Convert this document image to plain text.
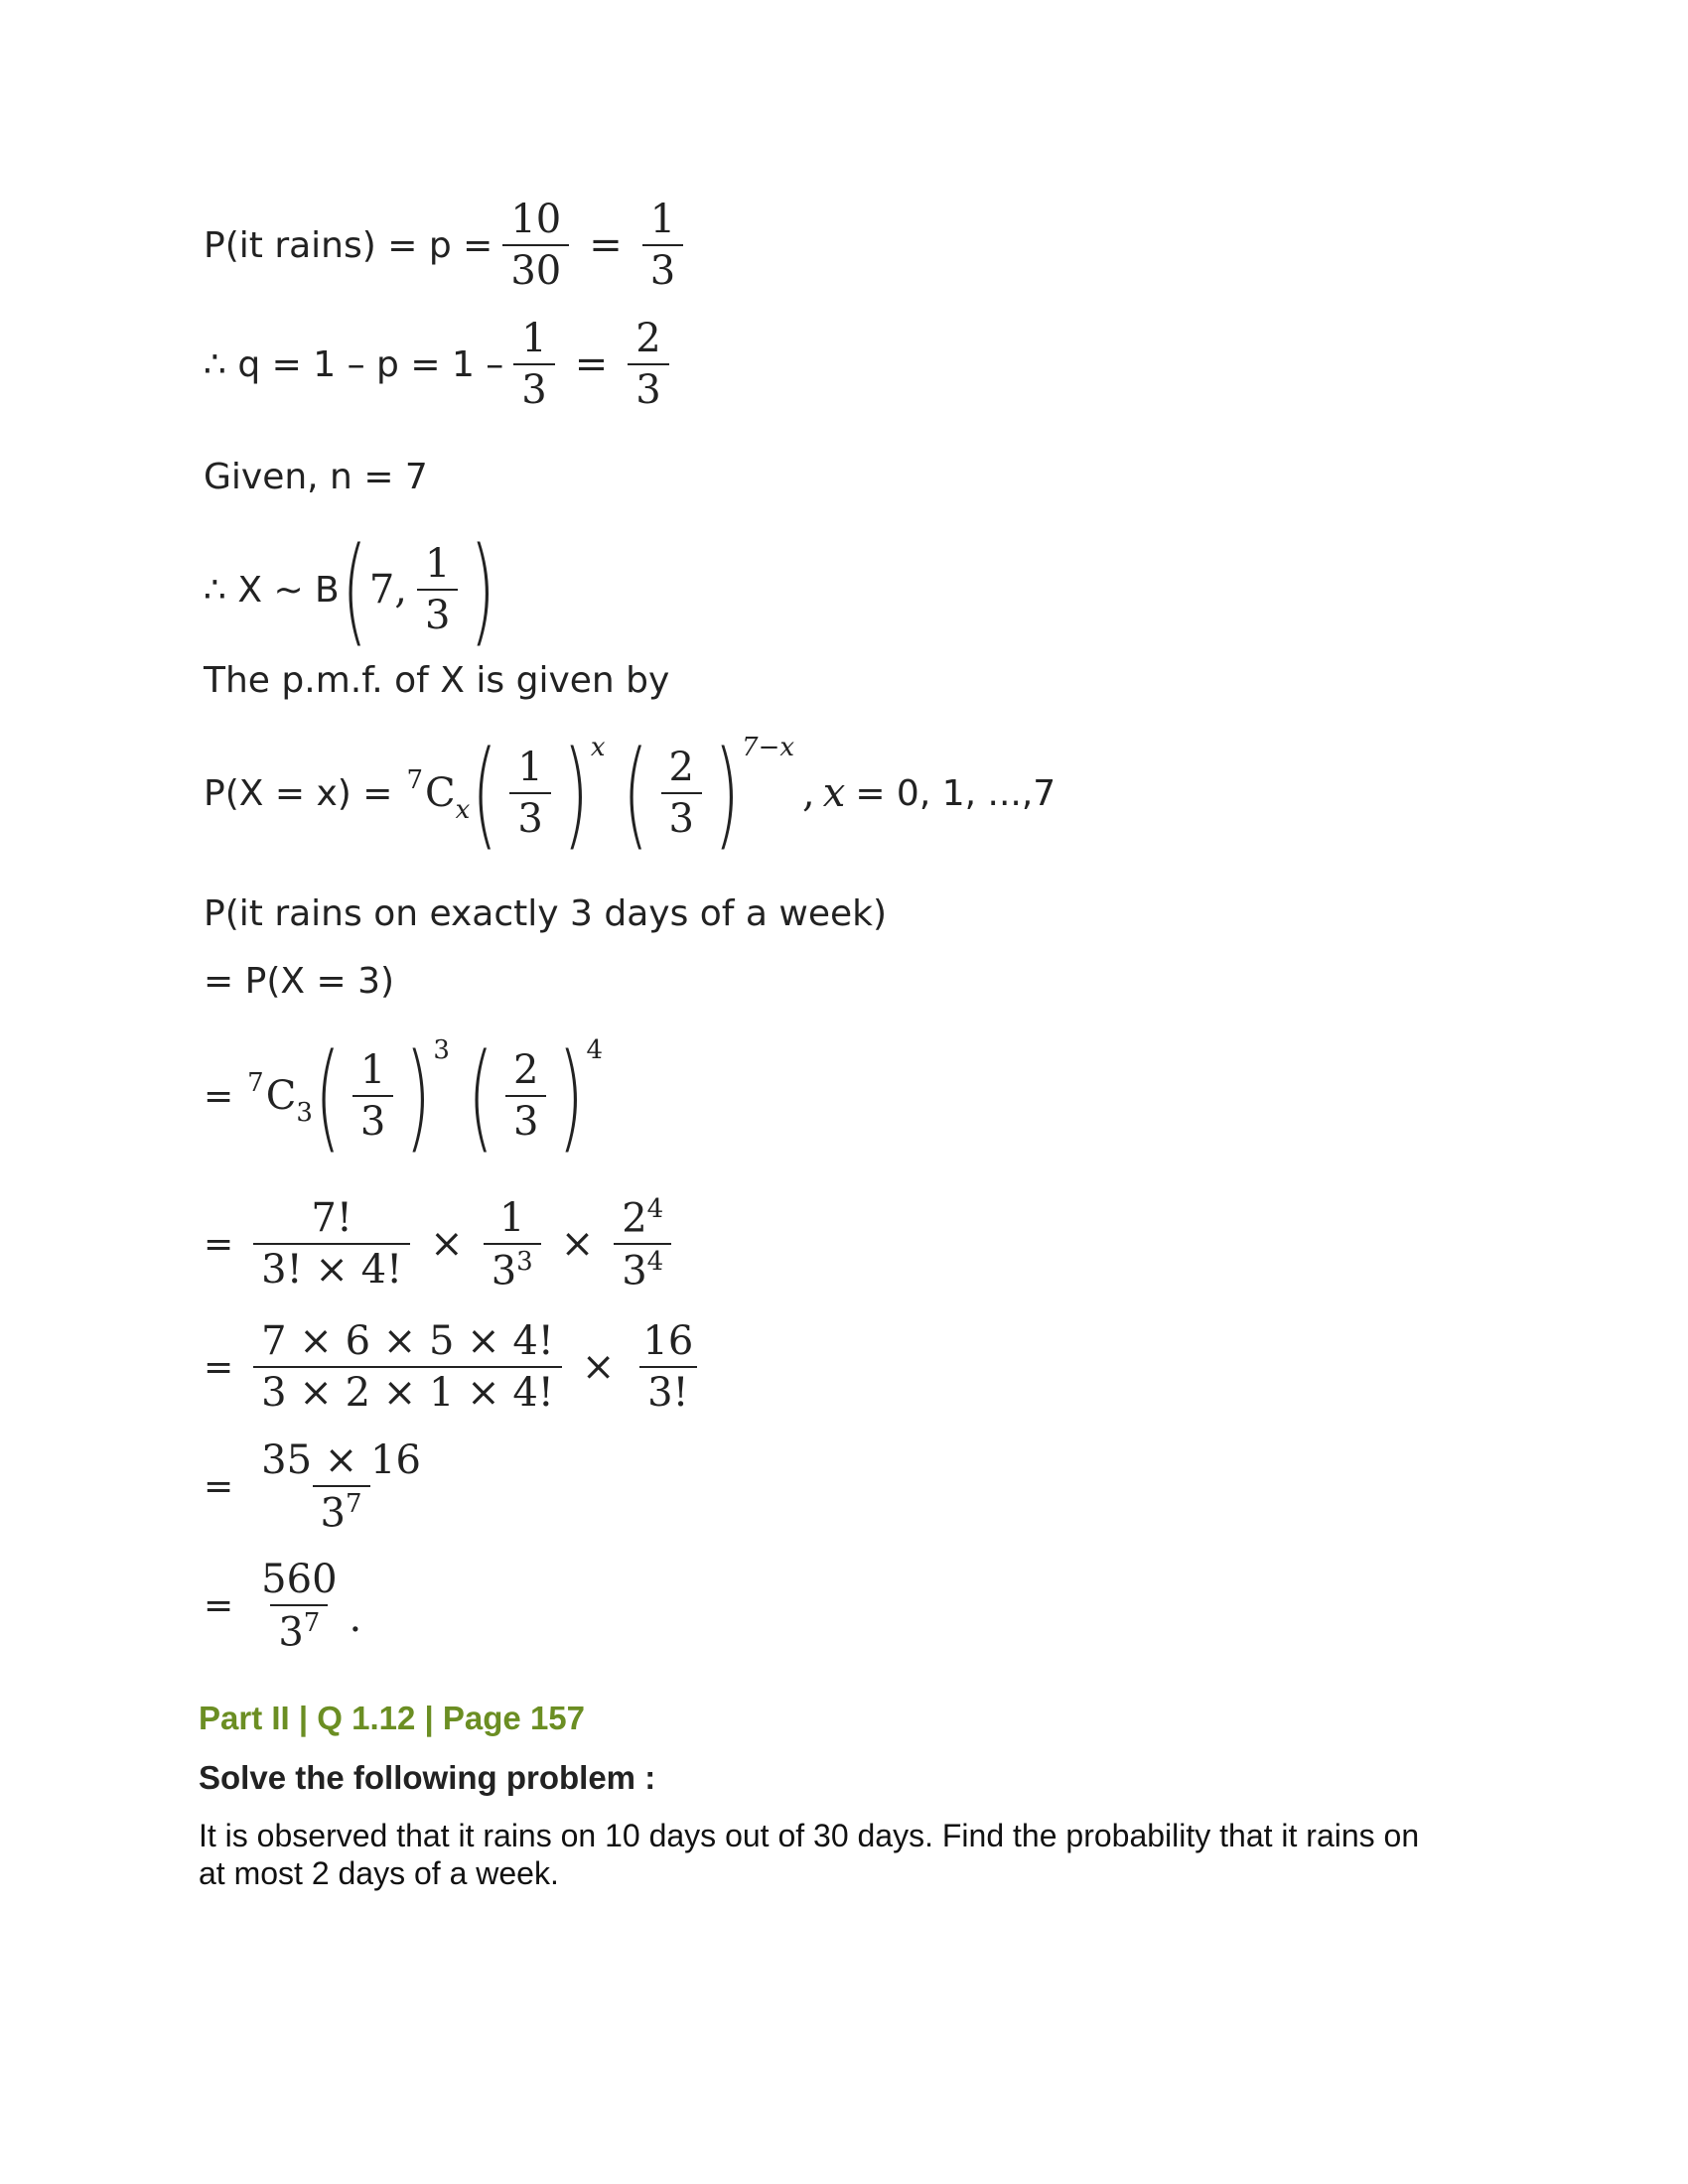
P(it rains) = $p = \frac{10}{30} = \frac{1}{3}$
∴ $q = 1 - p = 1 - \frac{1}{3} = \frac{2}{3}$
Given, n = 7
∴ X ~ B ( 7, $\frac{1}{3}$ )
The p.m.f. of X is given by
$P(X = x) = ^7C_x$ ( $\frac{1}{3}$ ) x ( $\frac{2}{3}$ ) 7−x
, x = 0, 1, ...,7
P(it rains on exactly 3 days of a week)
= P(X = 3)
= $^7C_3$ ( $\frac{1}{3}$ ) 3 ( $\frac{2}{3}$ ) 4
= $\frac{7!}{3! \times 4!} \times \frac{1}{3^3} \times \frac{2^4}{3^4}$
= $\frac{7 \times 6 \times 5 \times 4!}{3 \times 2 \times 1 \times 4!} \times \frac{16}{3!}$
= $\frac{35 \times 16}{3^7}$
= $\frac{560}{3^7}$ .
Part II | Q 1.12 | Page 157
Solve the following problem :
It is observed that it rains on 10 days out of 30 days. Find the probability that it rains on
at most 2 days of a week.
